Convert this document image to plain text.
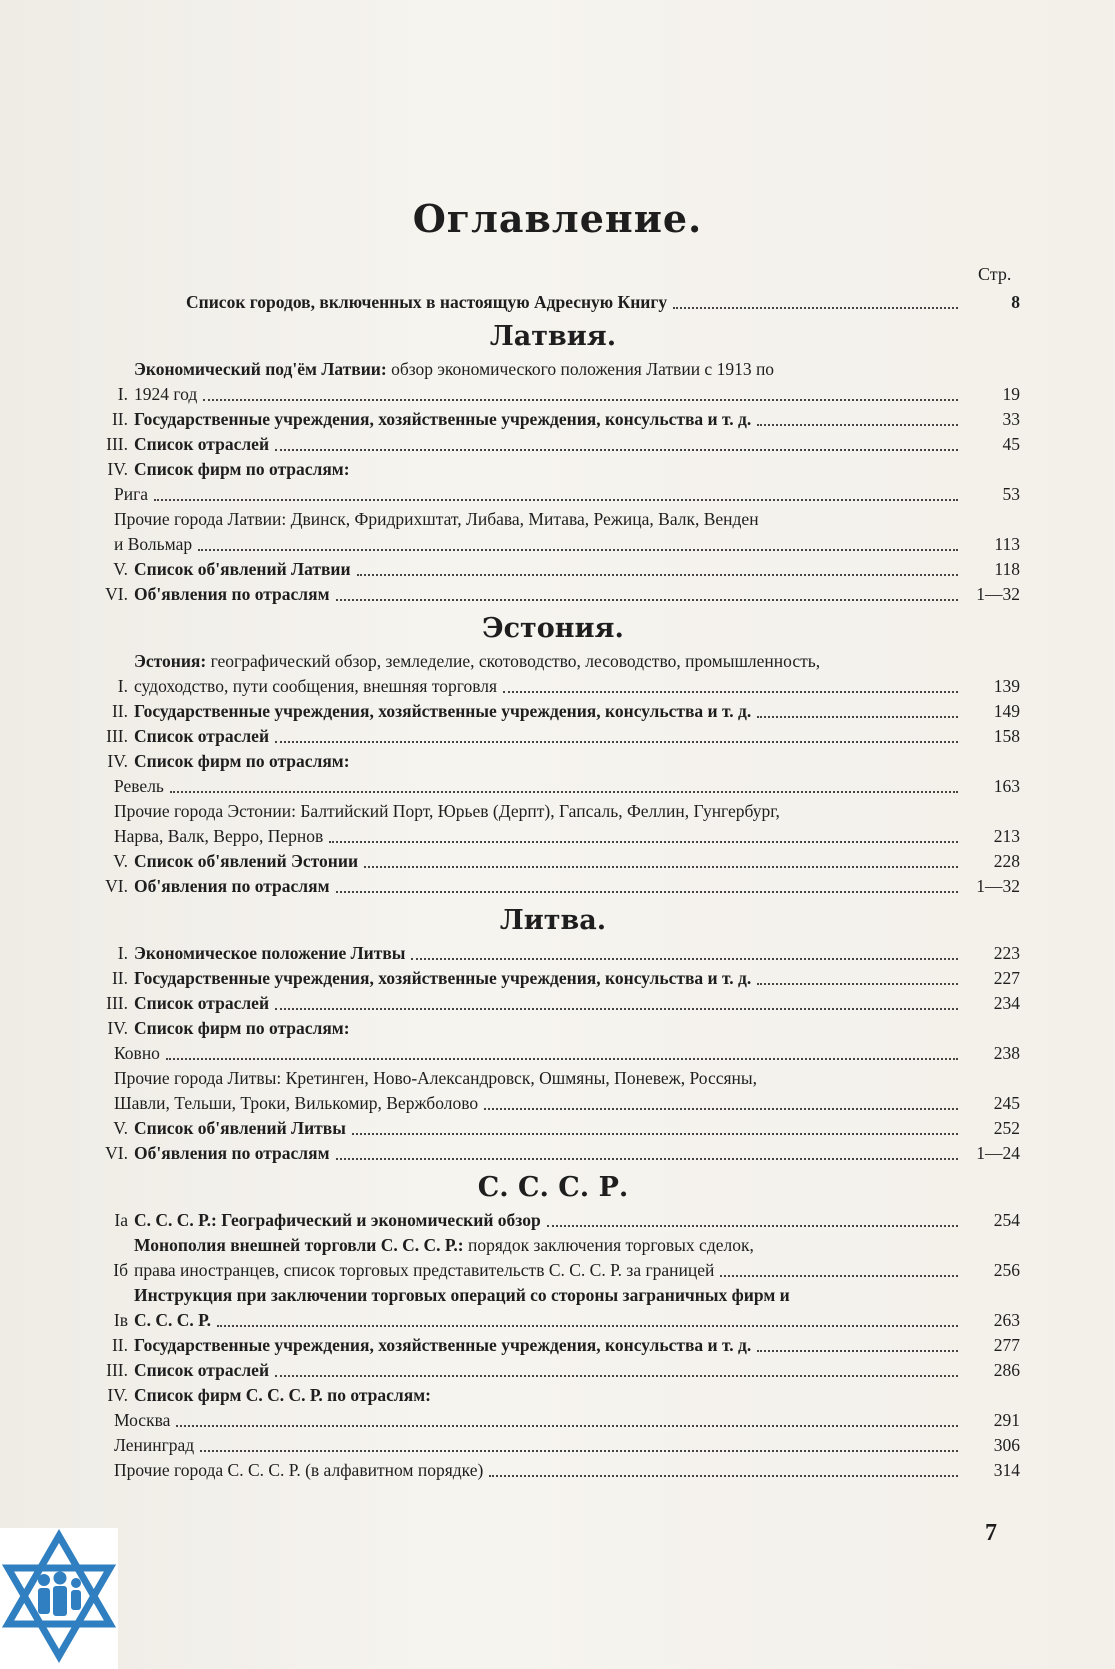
Оглавление.
Стр.
Список городов, включенных в настоящую Адресную Книгу	8
Латвия.
I.
Экономический под'ём Латвии: обзор экономического положения Латвии с 1913 по
1924 год	19
II. Государственные учреждения, хозяйственные учреждения, консульства и т. д.	33
III. Список отраслей	45
IV. Список фирм по отраслям:
Рига	53
Прочие города Латвии: Двинск, Фридрихштат, Либава, Митава, Режица, Валк, Венден
и Вольмар	113
V. Список об'явлений Латвии	118
VI. Об'явления по отраслям	1—32
Эстония.
I.
Эстония: географический обзор, земледелие, скотоводство, лесоводство, промышленность,
судоходство, пути сообщения, внешняя торговля	139
II. Государственные учреждения, хозяйственные учреждения, консульства и т. д.	149
III. Список отраслей	158
IV. Список фирм по отраслям:
Ревель	163
Прочие города Эстонии: Балтийский Порт, Юрьев (Дерпт), Гапсаль, Феллин, Гунгербург,
Нарва, Валк, Верро, Пернов	213
V. Список об'явлений Эстонии	228
VI. Об'явления по отраслям	1—32
Литва.
I. Экономическое положение Литвы	223
II. Государственные учреждения, хозяйственные учреждения, консульства и т. д.	227
III. Список отраслей	234
IV. Список фирм по отраслям:
Ковно	238
Прочие города Литвы: Кретинген, Ново-Александровск, Ошмяны, Поневеж, Россяны,
Шавли, Тельши, Троки, Вилькомир, Вержболово	245
V. Список об'явлений Литвы	252
VI. Об'явления по отраслям	1—24
С. С. С. Р.
Iа С. С. С. Р.: Географический и экономический обзор	254
Iб
Монополия внешней торговли С. С. С. Р.: порядок заключения торговых сделок,
права иностранцев, список торговых представительств С. С. С. Р. за границей	256
Iв
Инструкция при заключении торговых операций со стороны заграничных фирм и
С. С. С. Р.	263
II. Государственные учреждения, хозяйственные учреждения, консульства и т. д.	277
III. Список отраслей	286
IV. Список фирм С. С. С. Р. по отраслям:
Москва	291
Ленинград	306
Прочие города С. С. С. Р. (в алфавитном порядке)	314
7
